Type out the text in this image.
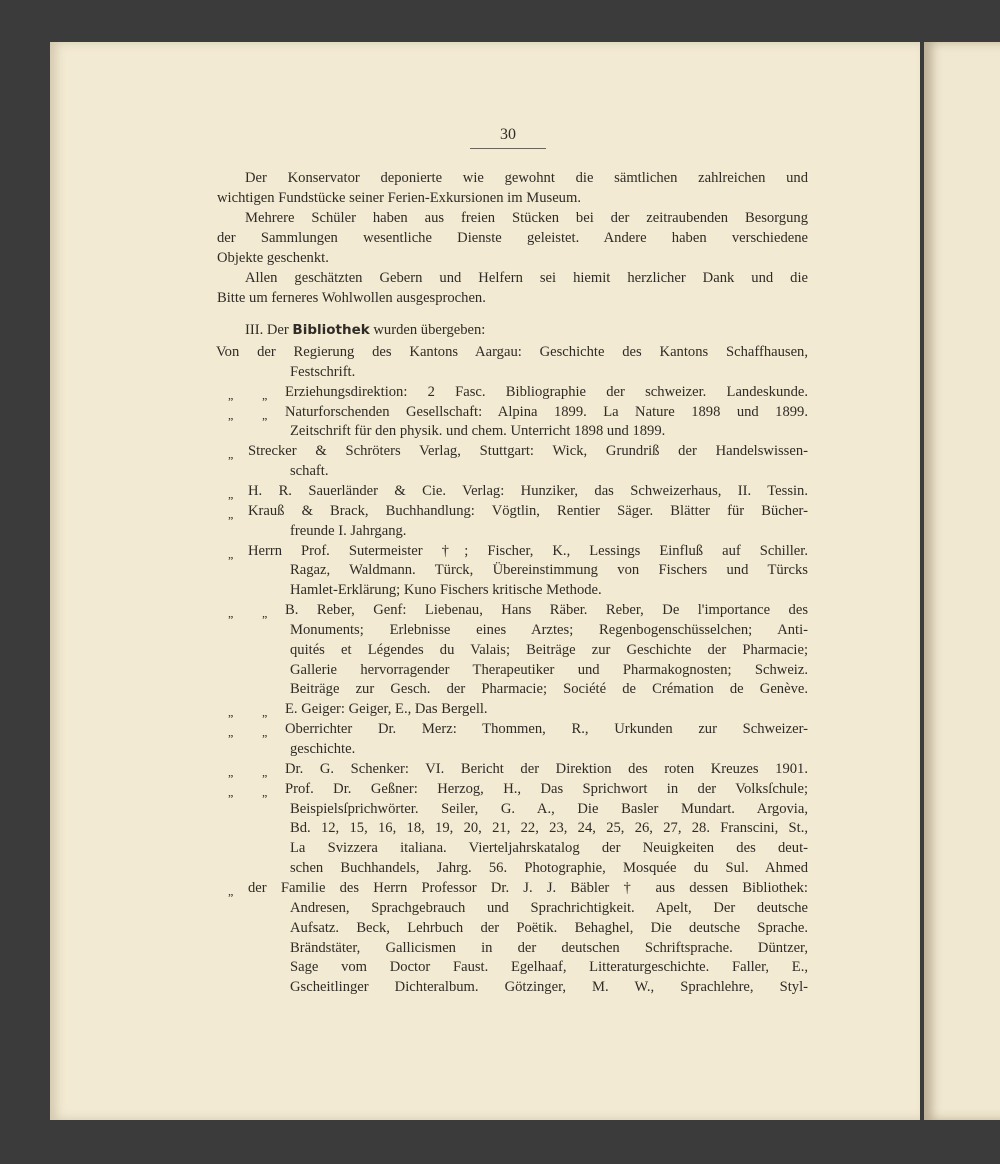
30
Der Konservator deponierte wie gewohnt die sämtlichen zahlreichen und
wichtigen Fundstücke seiner Ferien-Exkursionen im Museum.
Mehrere Schüler haben aus freien Stücken bei der zeitraubenden Besorgung
der Sammlungen wesentliche Dienste geleistet. Andere haben verschiedene
Objekte geschenkt.
Allen geschätzten Gebern und Helfern sei hiemit herzlicher Dank und die
Bitte um ferneres Wohlwollen ausgesprochen.
III. Der Bibliothek wurden übergeben:
Von der Regierung des Kantons Aargau: Geschichte des Kantons Schaffhausen,
Festschrift.
Erziehungsdirektion: 2 Fasc. Bibliographie der schweizer. Landeskunde.
Naturforschenden Gesellschaft: Alpina 1899. La Nature 1898 und 1899.
Zeitschrift für den physik. und chem. Unterricht 1898 und 1899.
Strecker & Schröters Verlag, Stuttgart: Wick, Grundriß der Handelswissen-
schaft.
H. R. Sauerländer & Cie. Verlag: Hunziker, das Schweizerhaus, II. Tessin.
Krauß & Brack, Buchhandlung: Vögtlin, Rentier Säger. Blätter für Bücher-
freunde I. Jahrgang.
Herrn Prof. Sutermeister †; Fischer, K., Lessings Einfluß auf Schiller.
Ragaz, Waldmann. Türck, Übereinstimmung von Fischers und Türcks
Hamlet-Erklärung; Kuno Fischers kritische Methode.
B. Reber, Genf: Liebenau, Hans Räber. Reber, De l'importance des
Monuments; Erlebnisse eines Arztes; Regenbogenschüsselchen; Anti-
quités et Légendes du Valais; Beiträge zur Geschichte der Pharmacie;
Gallerie hervorragender Therapeutiker und Pharmakognosten; Schweiz.
Beiträge zur Gesch. der Pharmacie; Société de Crémation de Genève.
E. Geiger: Geiger, E., Das Bergell.
Oberrichter Dr. Merz: Thommen, R., Urkunden zur Schweizer-
geschichte.
Dr. G. Schenker: VI. Bericht der Direktion des roten Kreuzes 1901.
Prof. Dr. Geßner: Herzog, H., Das Sprichwort in der Volksſchule;
Beispielsſprichwörter. Seiler, G. A., Die Basler Mundart. Argovia,
Bd. 12, 15, 16, 18, 19, 20, 21, 22, 23, 24, 25, 26, 27, 28. Franscini, St.,
La Svizzera italiana. Vierteljahrskatalog der Neuigkeiten des deut-
schen Buchhandels, Jahrg. 56. Photographie, Mosquée du Sul. Ahmed
der Familie des Herrn Professor Dr. J. J. Bäbler † aus dessen Bibliothek:
Andresen, Sprachgebrauch und Sprachrichtigkeit. Apelt, Der deutsche
Aufsatz. Beck, Lehrbuch der Poëtik. Behaghel, Die deutsche Sprache.
Brändstäter, Gallicismen in der deutschen Schriftsprache. Düntzer,
Sage vom Doctor Faust. Egelhaaf, Litteraturgeschichte. Faller, E.,
Gscheitlinger Dichteralbum. Götzinger, M. W., Sprachlehre, Styl-
„ „
„ „
„
„
„
„
„ „
„ „
„ „
„ „
„ „
„
